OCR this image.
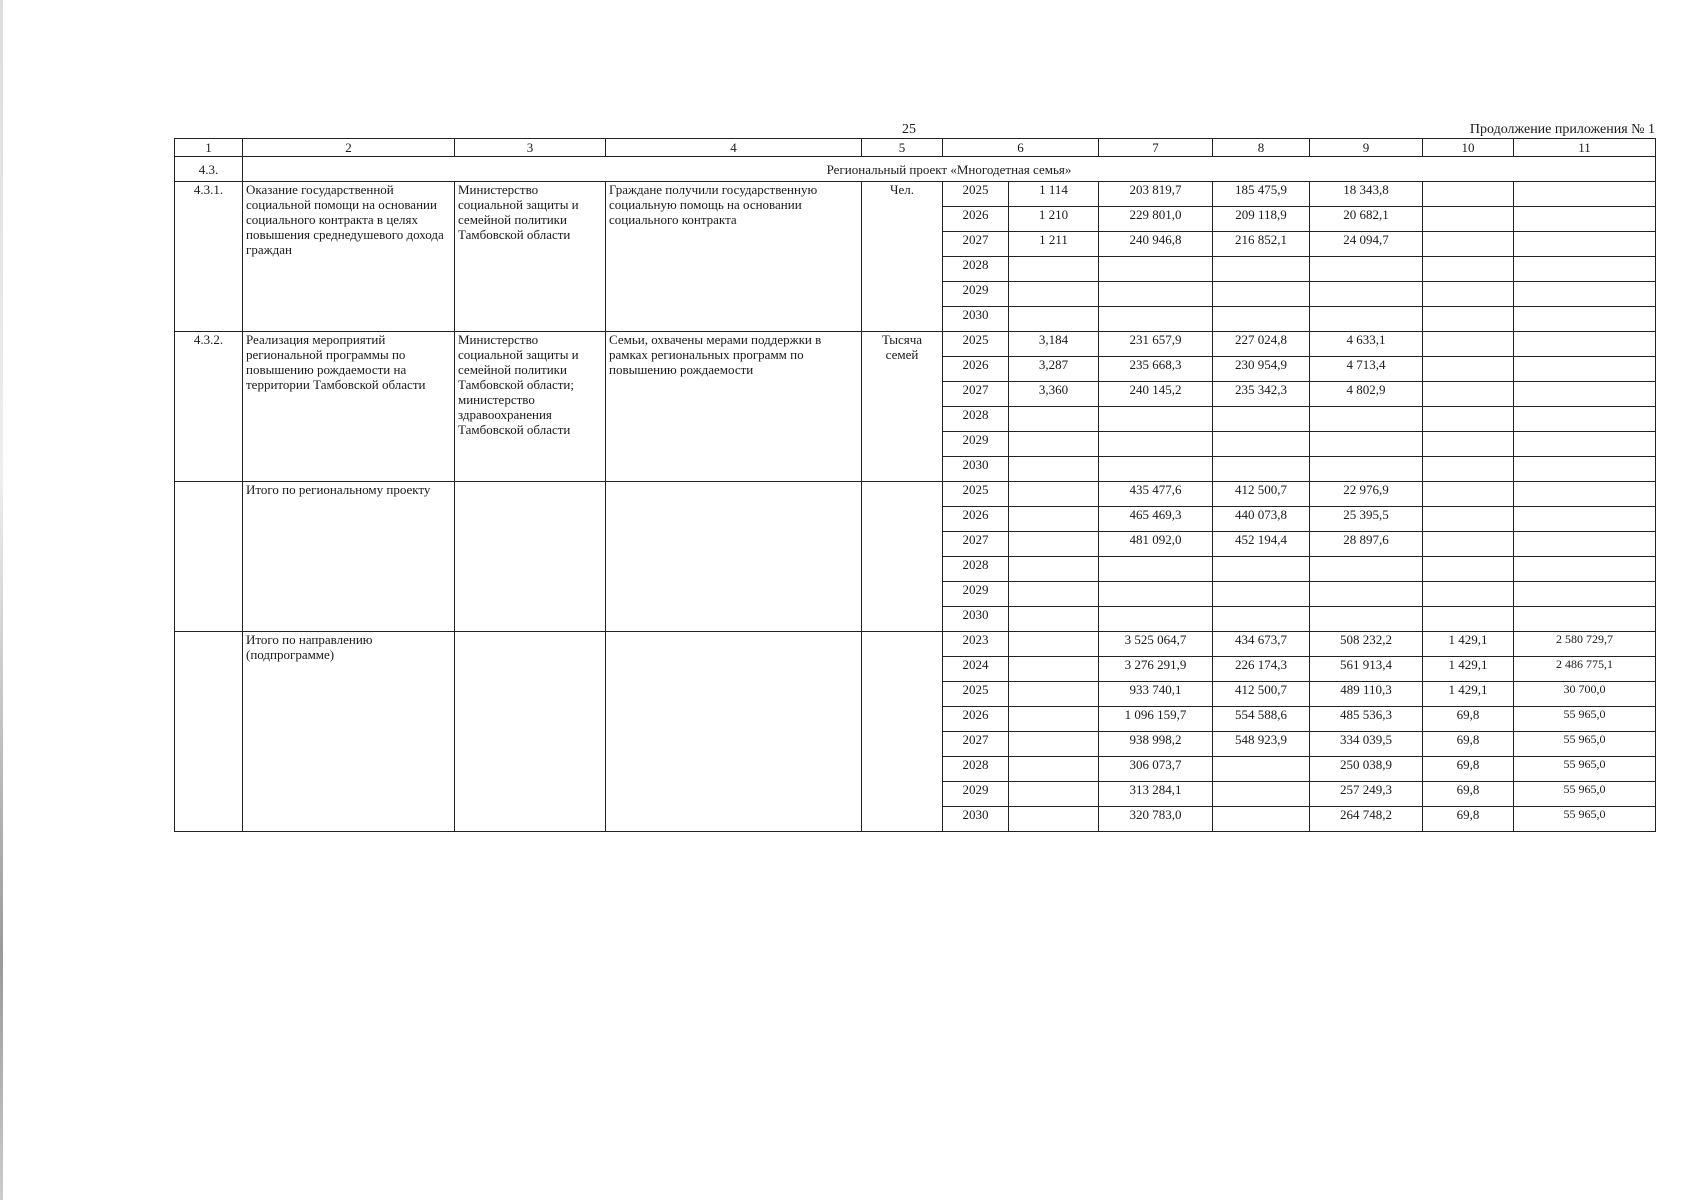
25	Продолжение приложения № 1
1	2	3	4	5	6		7	8	9	10	11
4.3.	Региональный проект «Многодетная семья»										
4.3.1.	Оказание государственной социальной помощи на основании социального контракта в целях повышения среднедушевого дохода граждан	Министерство социальной защиты и семейной политики Тамбовской области	Граждане получили государственную социальную помощь на основании социального контракта	Чел.	2025	1 114	203 819,7	185 475,9	18 343,8		
					2026	1 210	229 801,0	209 118,9	20 682,1		
					2027	1 211	240 946,8	216 852,1	24 094,7		
					2028						
					2029						
					2030						
4.3.2.	Реализация мероприятий региональной программы по повышению рождаемости на территории Тамбовской области	Министерство социальной защиты и семейной политики Тамбовской области; министерство здравоохранения Тамбовской области	Семьи, охвачены мерами поддержки в рамках региональных программ по повышению рождаемости	Тысяча семей	2025	3,184	231 657,9	227 024,8	4 633,1		
					2026	3,287	235 668,3	230 954,9	4 713,4		
					2027	3,360	240 145,2	235 342,3	4 802,9		
					2028						
					2029						
					2030						
	Итого по региональному проекту				2025		435 477,6	412 500,7	22 976,9		
					2026		465 469,3	440 073,8	25 395,5		
					2027		481 092,0	452 194,4	28 897,6		
					2028						
					2029						
					2030						
	Итого по направлению (подпрограмме)				2023		3 525 064,7	434 673,7	508 232,2	1 429,1	2 580 729,7
					2024		3 276 291,9	226 174,3	561 913,4	1 429,1	2 486 775,1
					2025		933 740,1	412 500,7	489 110,3	1 429,1	30 700,0
					2026		1 096 159,7	554 588,6	485 536,3	69,8	55 965,0
					2027		938 998,2	548 923,9	334 039,5	69,8	55 965,0
					2028		306 073,7		250 038,9	69,8	55 965,0
					2029		313 284,1		257 249,3	69,8	55 965,0
					2030		320 783,0		264 748,2	69,8	55 965,0
